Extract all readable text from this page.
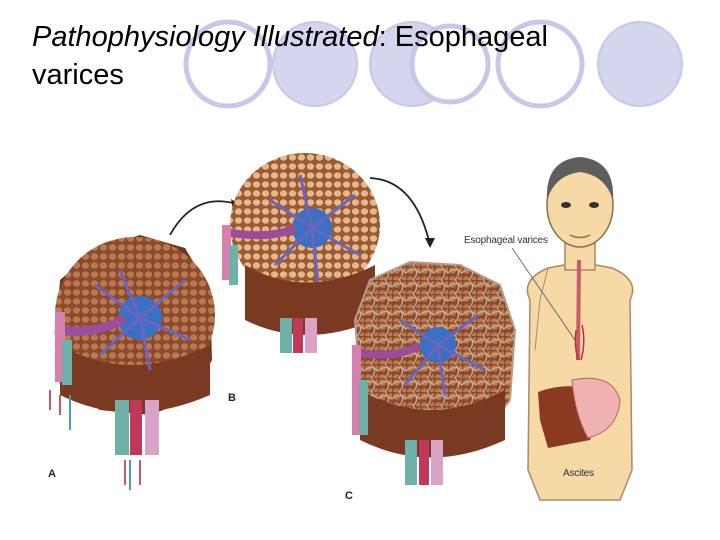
Pathophysiology Illustrated: Esophageal varices
A
B
C
Esophageal varices
Ascites
